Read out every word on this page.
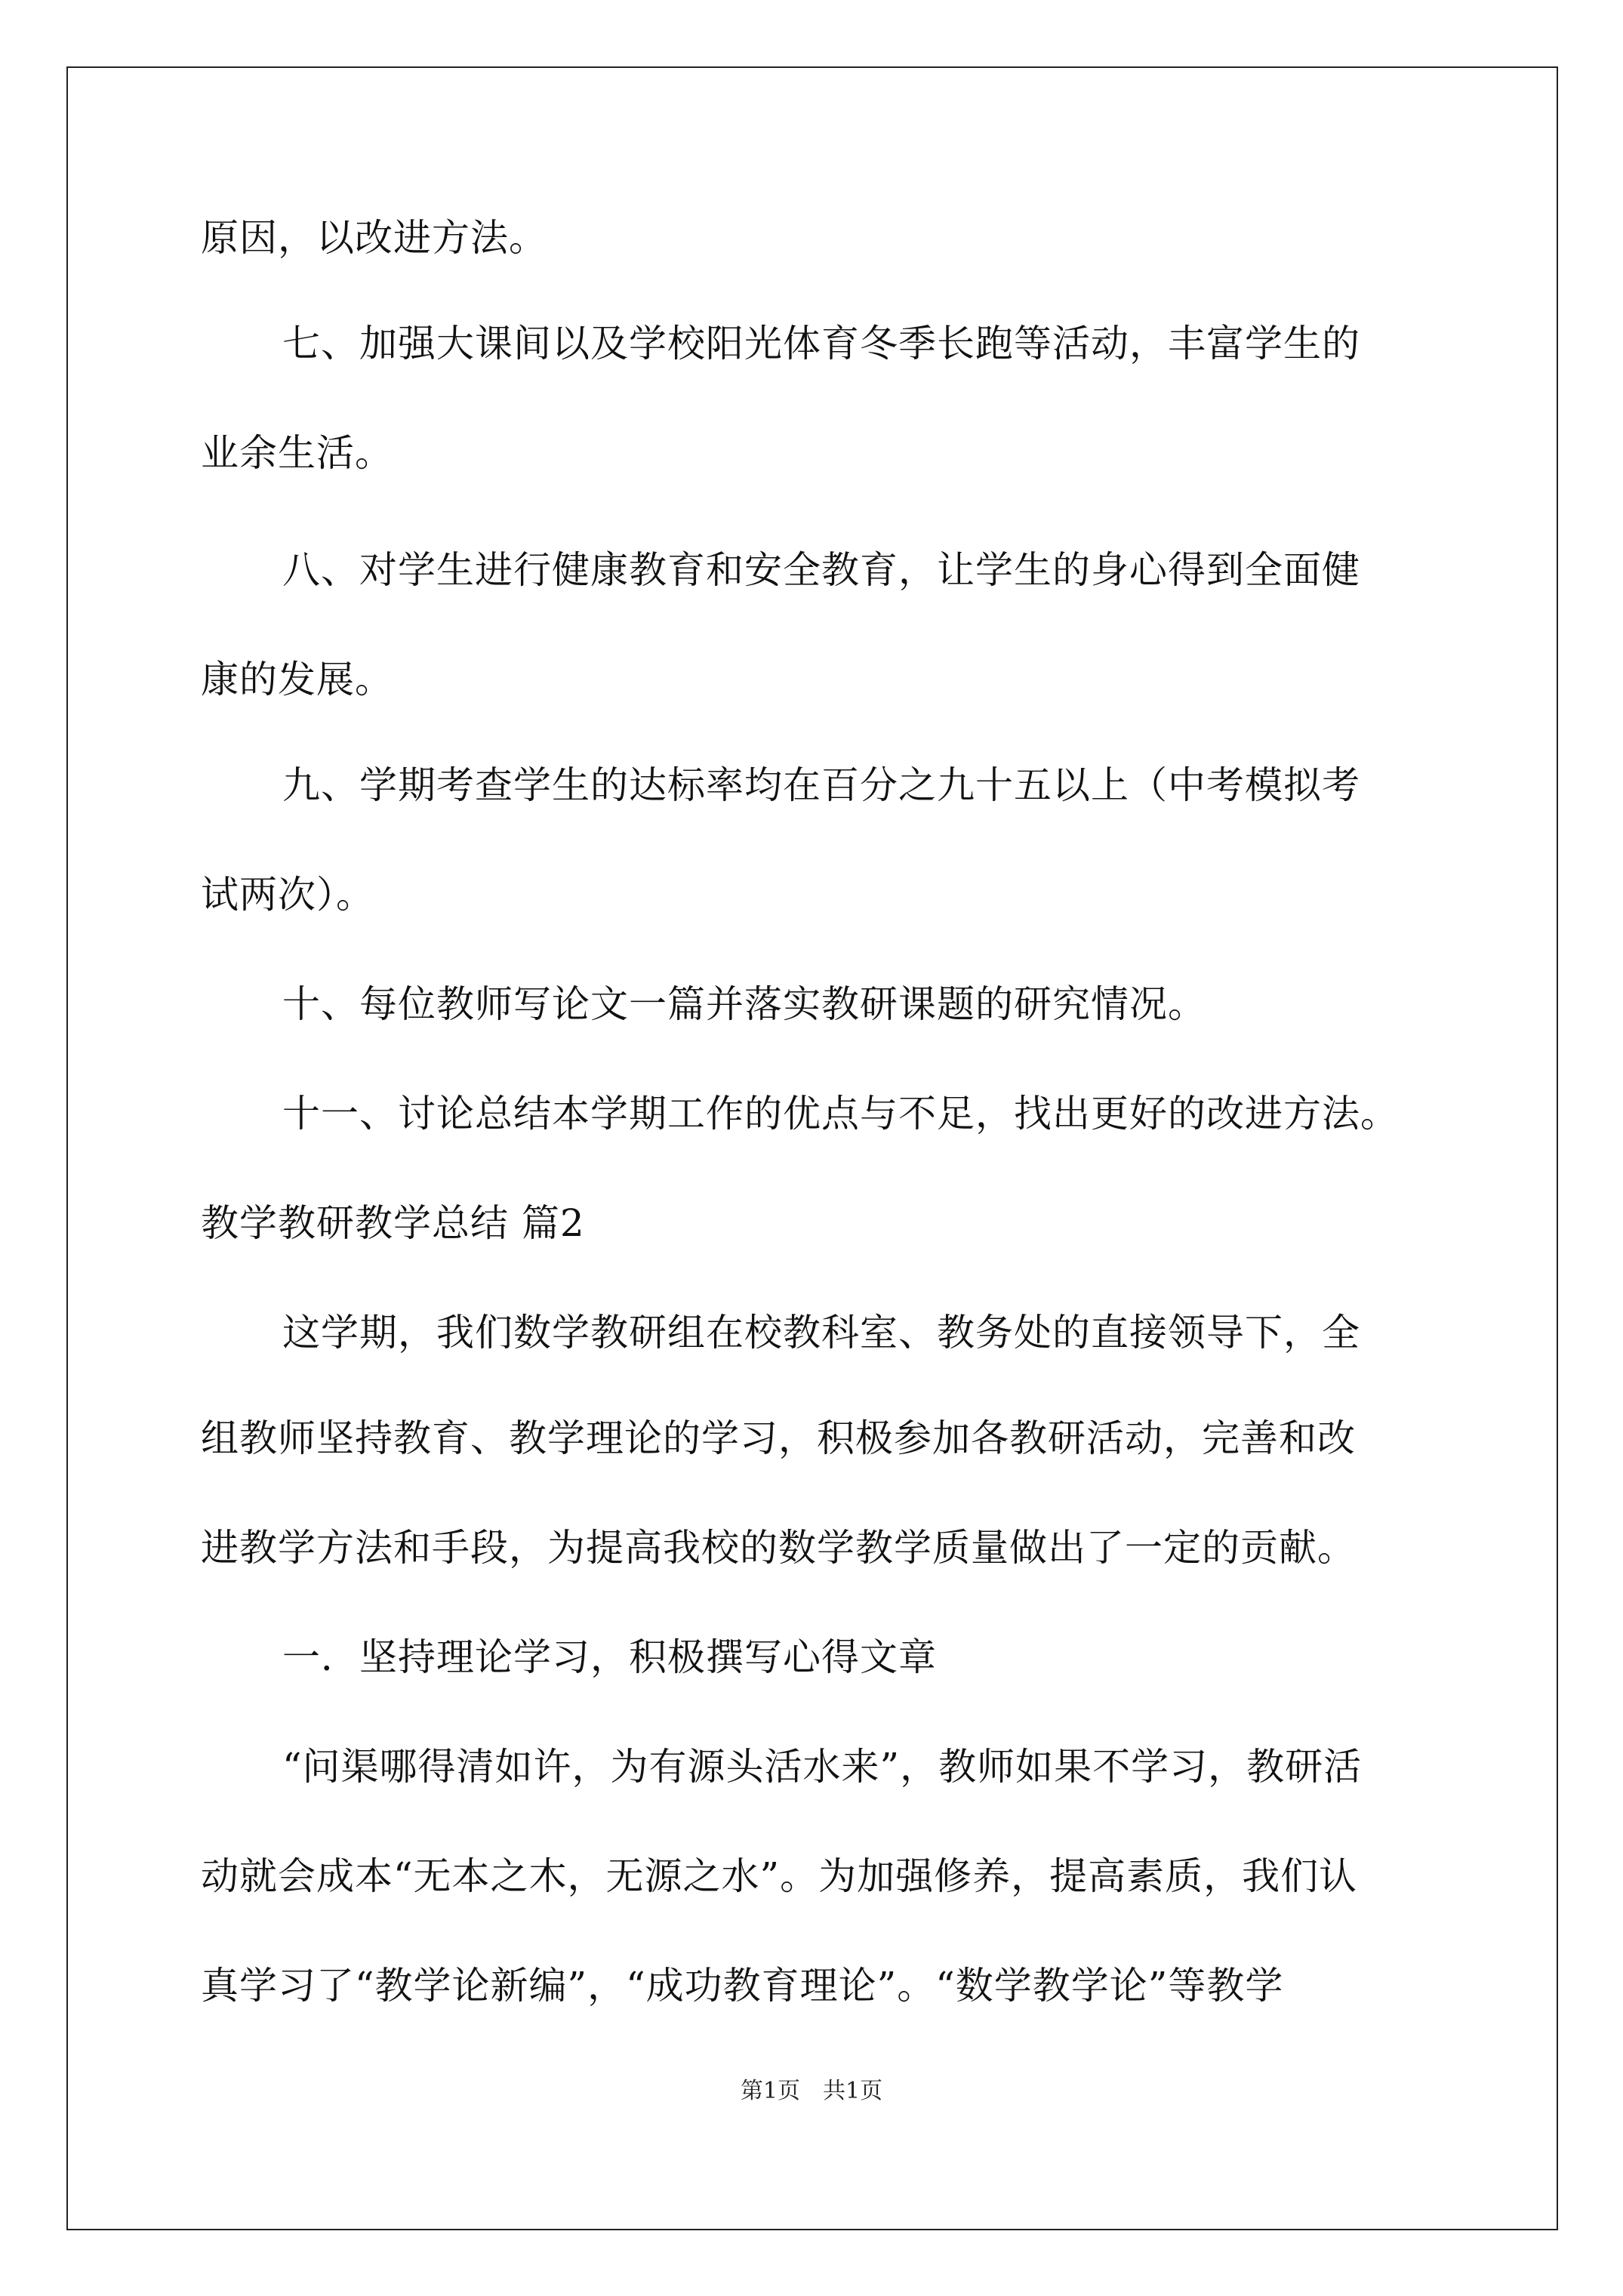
原因，以改进方法。

七、加强大课间以及学校阳光体育冬季长跑等活动，丰富学生的

业余生活。

八、对学生进行健康教育和安全教育，让学生的身心得到全面健

康的发展。

九、学期考查学生的达标率均在百分之九十五以上（中考模拟考

试两次）。

十、每位教师写论文一篇并落实教研课题的研究情况。

十一、讨论总结本学期工作的优点与不足，找出更好的改进方法。

教学教研教学总结 篇2

这学期，我们数学教研组在校教科室、教务处的直接领导下，全

组教师坚持教育、教学理论的学习，积极参加各教研活动，完善和改

进教学方法和手段，为提高我校的数学教学质量做出了一定的贡献。

一．坚持理论学习，积极撰写心得文章

“问渠哪得清如许，为有源头活水来”，教师如果不学习，教研活

动就会成本“无本之木，无源之水”。为加强修养，提高素质，我们认

真学习了“教学论新编”，“成功教育理论”。“数学教学论”等教学

第1页　共1页
